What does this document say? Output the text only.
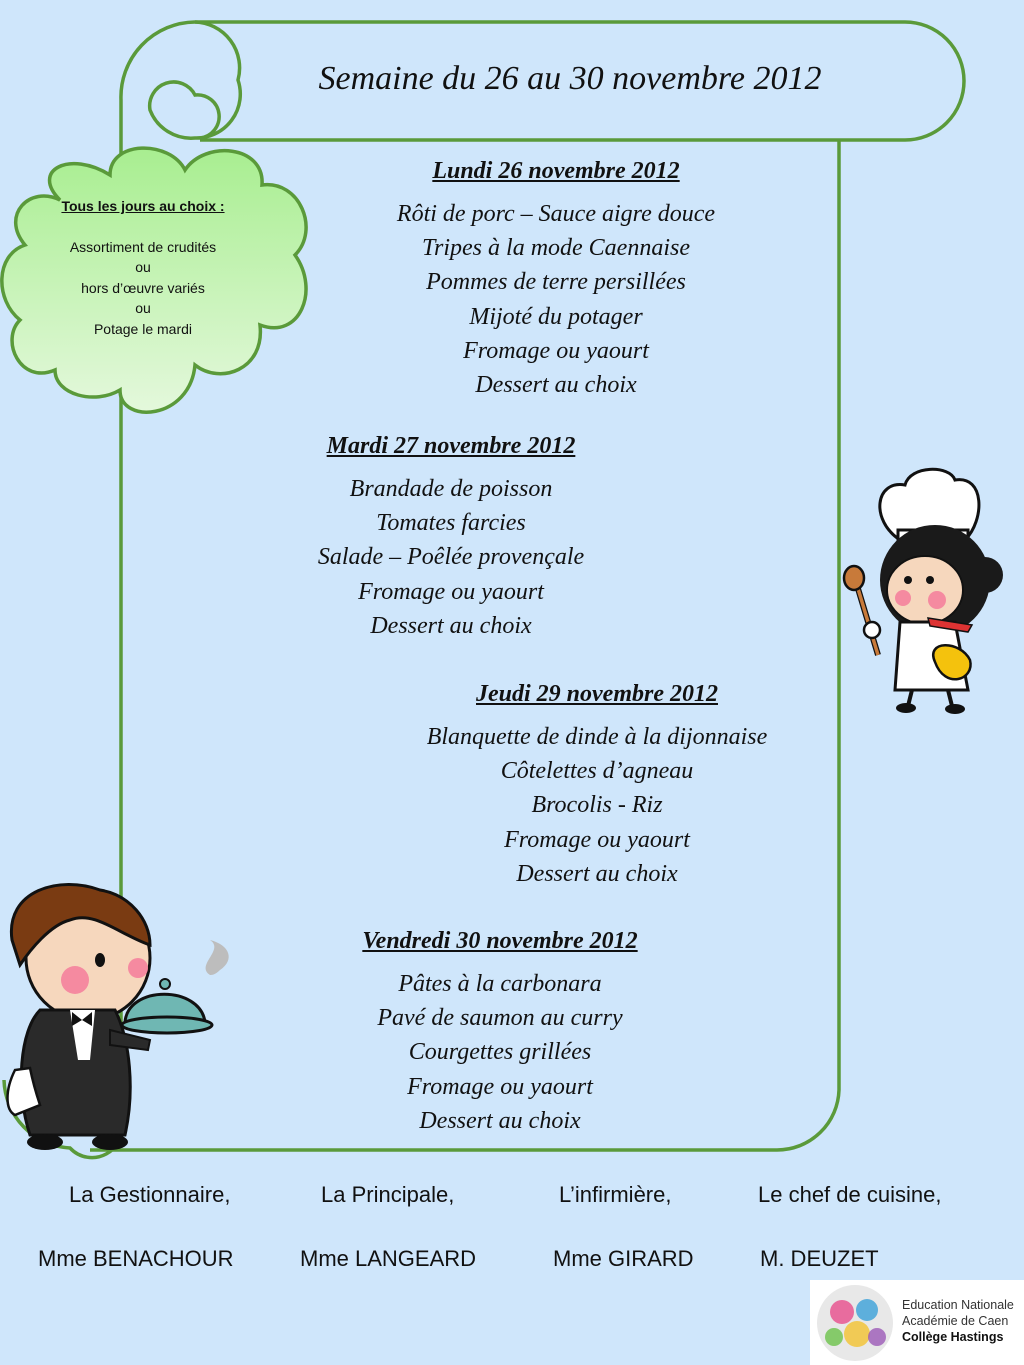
Semaine du 26 au 30 novembre 2012
Tous les jours au choix :
Assortiment de crudités
ou
hors d’œuvre variés
ou
Potage le mardi
Lundi 26 novembre 2012
Rôti de porc – Sauce aigre douce
Tripes à la mode Caennaise
Pommes de terre persillées
Mijoté du potager
Fromage ou yaourt
Dessert au choix
Mardi 27 novembre 2012
Brandade de poisson
Tomates farcies
Salade – Poêlée provençale
Fromage ou yaourt
Dessert au choix
Jeudi 29 novembre 2012
Blanquette de dinde à la dijonnaise
Côtelettes d’agneau
Brocolis - Riz
Fromage ou yaourt
Dessert au choix
Vendredi 30 novembre 2012
Pâtes à la carbonara
Pavé de saumon au curry
Courgettes grillées
Fromage ou yaourt
Dessert au choix
La Gestionnaire,	La Principale,	L’infirmière,	Le chef de cuisine,
Mme BENACHOUR	Mme LANGEARD	Mme GIRARD	M. DEUZET
Education Nationale
Académie de Caen
Collège Hastings
